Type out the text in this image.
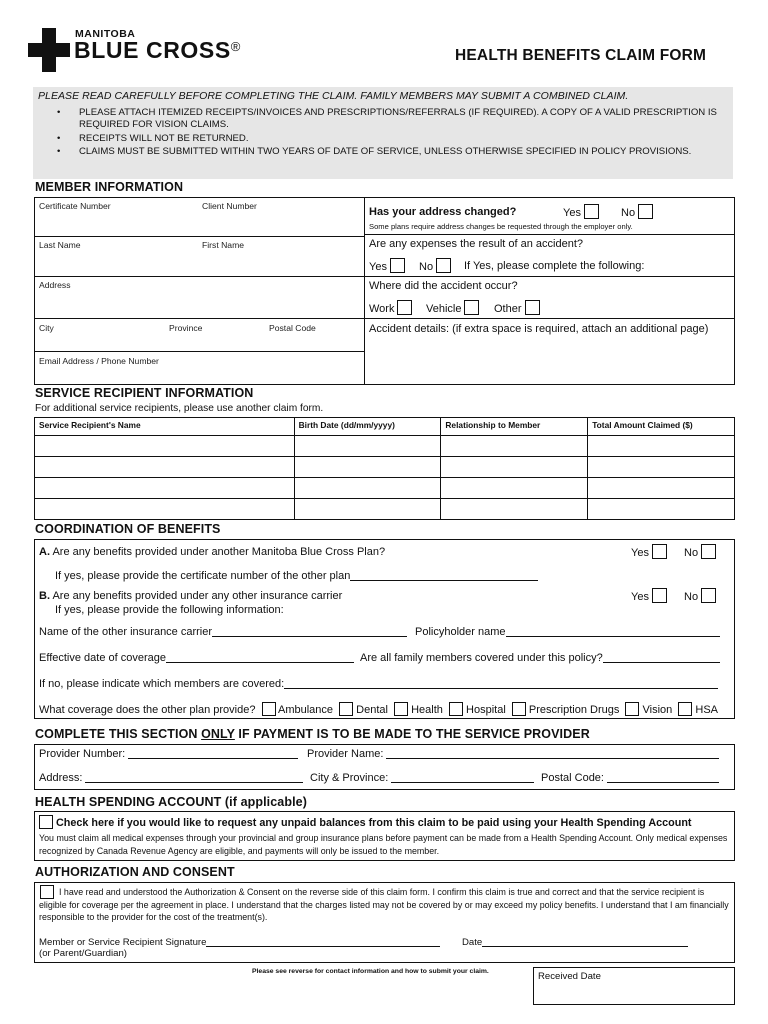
MANITOBA
BLUE CROSS®
HEALTH BENEFITS CLAIM FORM
PLEASE READ CAREFULLY BEFORE COMPLETING THE CLAIM. FAMILY MEMBERS MAY SUBMIT A COMBINED CLAIM.
• PLEASE ATTACH ITEMIZED RECEIPTS/INVOICES AND PRESCRIPTIONS/REFERRALS (IF REQUIRED). A COPY OF A VALID PRESCRIPTION IS REQUIRED FOR VISION CLAIMS.
• RECEIPTS WILL NOT BE RETURNED.
• CLAIMS MUST BE SUBMITTED WITHIN TWO YEARS OF DATE OF SERVICE, UNLESS OTHERWISE SPECIFIED IN POLICY PROVISIONS.
MEMBER INFORMATION
Certificate Number	Client Number
Last Name	First Name
Address
City	Province	Postal Code
Email Address / Phone Number
Has your address changed?	Yes	No
Some plans require address changes be requested through the employer only.
Are any expenses the result of an accident?
Yes	No	If Yes, please complete the following:
Where did the accident occur?
Work	Vehicle	Other
Accident details: (if extra space is required, attach an additional page)
SERVICE RECIPIENT INFORMATION
For additional service recipients, please use another claim form.
Service Recipient's Name	Birth Date (dd/mm/yyyy)	Relationship to Member	Total Amount Claimed ($)

COORDINATION OF BENEFITS
A. Are any benefits provided under another Manitoba Blue Cross Plan?	Yes	No
If yes, please provide the certificate number of the other plan
B. Are any benefits provided under any other insurance carrier	Yes	No
If yes, please provide the following information:
Name of the other insurance carrier	Policyholder name
Effective date of coverage	Are all family members covered under this policy?
If no, please indicate which members are covered:
What coverage does the other plan provide? Ambulance Dental Health Hospital Prescription Drugs Vision HSA
COMPLETE THIS SECTION ONLY IF PAYMENT IS TO BE MADE TO THE SERVICE PROVIDER
Provider Number:	Provider Name:
Address:	City & Province:	Postal Code:
HEALTH SPENDING ACCOUNT (if applicable)
Check here if you would like to request any unpaid balances from this claim to be paid using your Health Spending Account
You must claim all medical expenses through your provincial and group insurance plans before payment can be made from a Health Spending Account. Only medical expenses recognized by Canada Revenue Agency are eligible, and payments will only be issued to the member.
AUTHORIZATION AND CONSENT
I have read and understood the Authorization & Consent on the reverse side of this claim form. I confirm this claim is true and correct and that the service recipient is eligible for coverage per the agreement in place. I understand that the charges listed may not be covered by or may exceed my policy benefits. I understand that I am financially responsible to the provider for the cost of the treatment(s).
Member or Service Recipient Signature
(or Parent/Guardian)
Date
Please see reverse for contact information and how to submit your claim.	Received Date
